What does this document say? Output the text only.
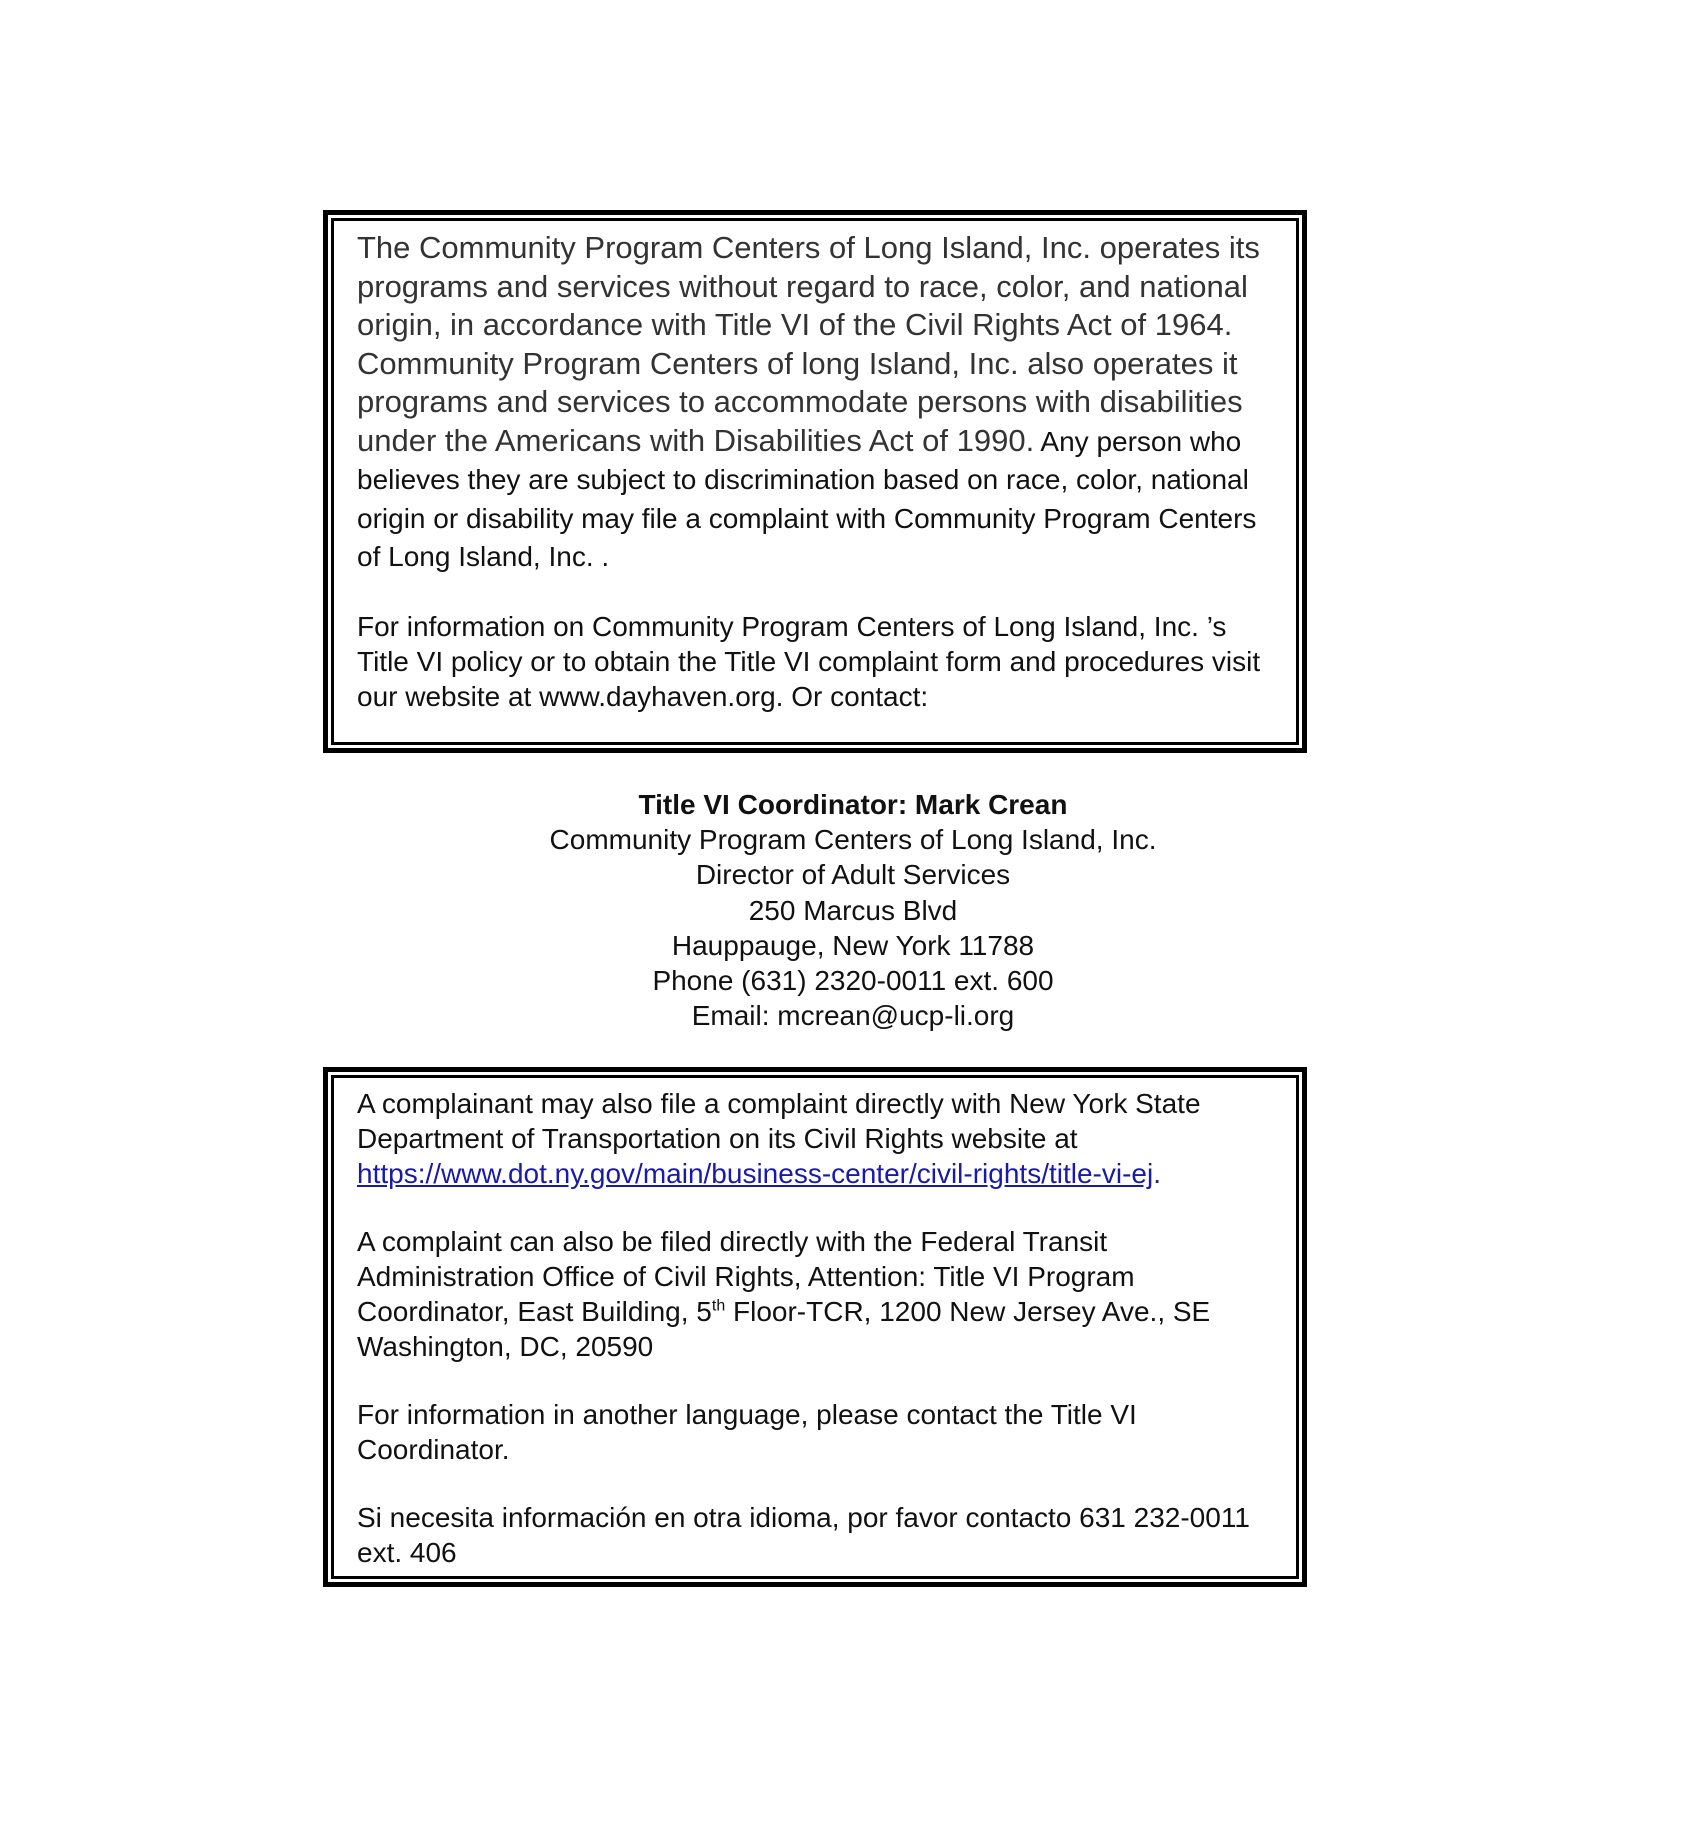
The Community Program Centers of Long Island, Inc. operates its programs and services without regard to race, color, and national origin, in accordance with Title VI of the Civil Rights Act of 1964. Community Program Centers of long Island, Inc. also operates it programs and services to accommodate persons with disabilities under the Americans with Disabilities Act of 1990. Any person who believes they are subject to discrimination based on race, color, national origin or disability may file a complaint with Community Program Centers of Long Island, Inc. .

For information on Community Program Centers of Long Island, Inc. ’s Title VI policy or to obtain the Title VI complaint form and procedures visit our website at www.dayhaven.org. Or contact:

Title VI Coordinator: Mark Crean
Community Program Centers of Long Island, Inc.
Director of Adult Services
250 Marcus Blvd
Hauppauge, New York 11788
Phone (631) 2320-0011 ext. 600
Email: mcrean@ucp-li.org

A complainant may also file a complaint directly with New York State Department of Transportation on its Civil Rights website at https://www.dot.ny.gov/main/business-center/civil-rights/title-vi-ej.

A complaint can also be filed directly with the Federal Transit Administration Office of Civil Rights, Attention: Title VI Program Coordinator, East Building, 5th Floor-TCR, 1200 New Jersey Ave., SE Washington, DC, 20590

For information in another language, please contact the Title VI Coordinator.

Si necesita información en otra idioma, por favor contacto 631 232-0011 ext. 406
